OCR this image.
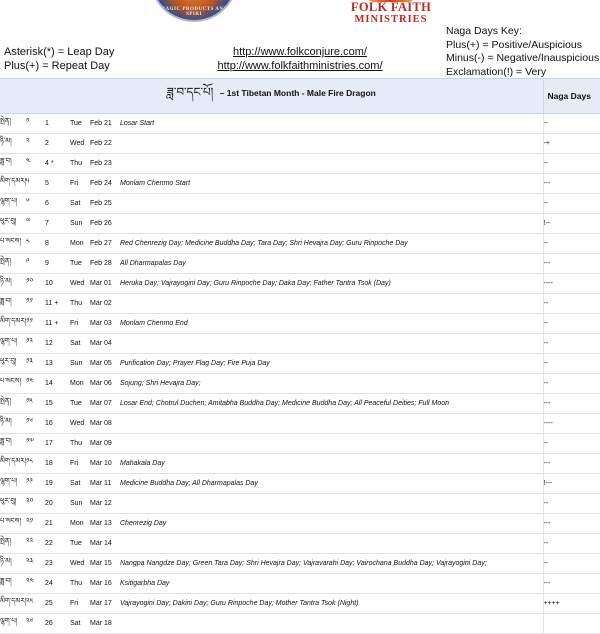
MAGIC PRODUCTS AND SPIRI
FOLK FAITH
MINISTRIES
Asterisk(*) = Leap Day
Plus(+) = Repeat Day
http://www.folkconjure.com/
http://www.folkfaithministries.com/
Naga Days Key:
Plus(+) = Positive/Auspicious
Minus(-) = Negative/Inauspicious
Exclamation(!) = Very
ཟླ་བ་དང་པོ། – 1st Tibetan Month - Male Fire Dragon						Naga Days
སྤེན།	༡	1	Tue	Feb 21	Losar Start	--
ཉི་མ།	༢	2	Wed	Feb 22		-+
ཟླ་བ།	༤	4 *	Thu	Feb 23		--
མིག་དམར།	༥	5	Fri	Feb 24	Monlam Chenmo Start	---
ལྷག་པ།	༦	6	Sat	Feb 25		--
ཕུར་བུ།	༧	7	Sun	Feb 26		!--
པ་སངས།	༨	8	Mon	Feb 27	Red Chenrezig Day; Medicine Buddha Day; Tara Day; Shri Hevajra Day; Guru Rinpoche Day	--
སྤེན།	༩	9	Tue	Feb 28	All Dharmapalas Day	---
ཉི་མ།	༡༠	10	Wed	Mar 01	Heruka Day; Vajrayogini Day; Guru Rinpoche Day; Daka Day; Father Tantra Tsok (Day)	----
ཟླ་བ།	༡༡	11 +	Thu	Mar 02		--
མིག་དམར།	༡༡	11 +	Fri	Mar 03	Monlam Chenmo End	--
ལྷག་པ།	༡༢	12	Sat	Mar 04		--
ཕུར་བུ།	༡༣	13	Sun	Mar 05	Purification Day; Prayer Flag Day; Fire Puja Day	--
པ་སངས།	༡༤	14	Mon	Mar 06	Sojung; Shri Hevajra Day;	--
སྤེན།	༡༥	15	Tue	Mar 07	Losar End; Chotrul Duchen; Amitabha Buddha Day; Medicine Buddha Day; All Peaceful Deities; Full Moon	---
ཉི་མ།	༡༦	16	Wed	Mar 08		----
ཟླ་བ།	༡༧	17	Thu	Mar 09		--
མིག་དམར།	༡༨	18	Fri	Mar 10	Mahakala Day	---
ལྷག་པ།	༡༩	19	Sat	Mar 11	Medicine Buddha Day; All Dharmapalas Day	!---
ཕུར་བུ།	༢༠	20	Sun	Mar 12		--
པ་སངས།	༢༡	21	Mon	Mar 13	Chenrezig Day	---
སྤེན།	༢༢	22	Tue	Mar 14		--
ཉི་མ།	༢༣	23	Wed	Mar 15	Nangpa Nangdze Day; Green Tara Day; Shri Hevajra Day; Vajravarahi Day; Vairochana Buddha Day; Vajrayogini Day;	--
ཟླ་བ།	༢༤	24	Thu	Mar 16	Ksitigarbha Day	---
མིག་དམར།	༢༥	25	Fri	Mar 17	Vajrayogini Day; Dakini Day; Guru Rinpoche Day; Mother Tantra Tsok (Night)	++++
ལྷག་པ།	༢༦	26	Sat	Mar 18		
